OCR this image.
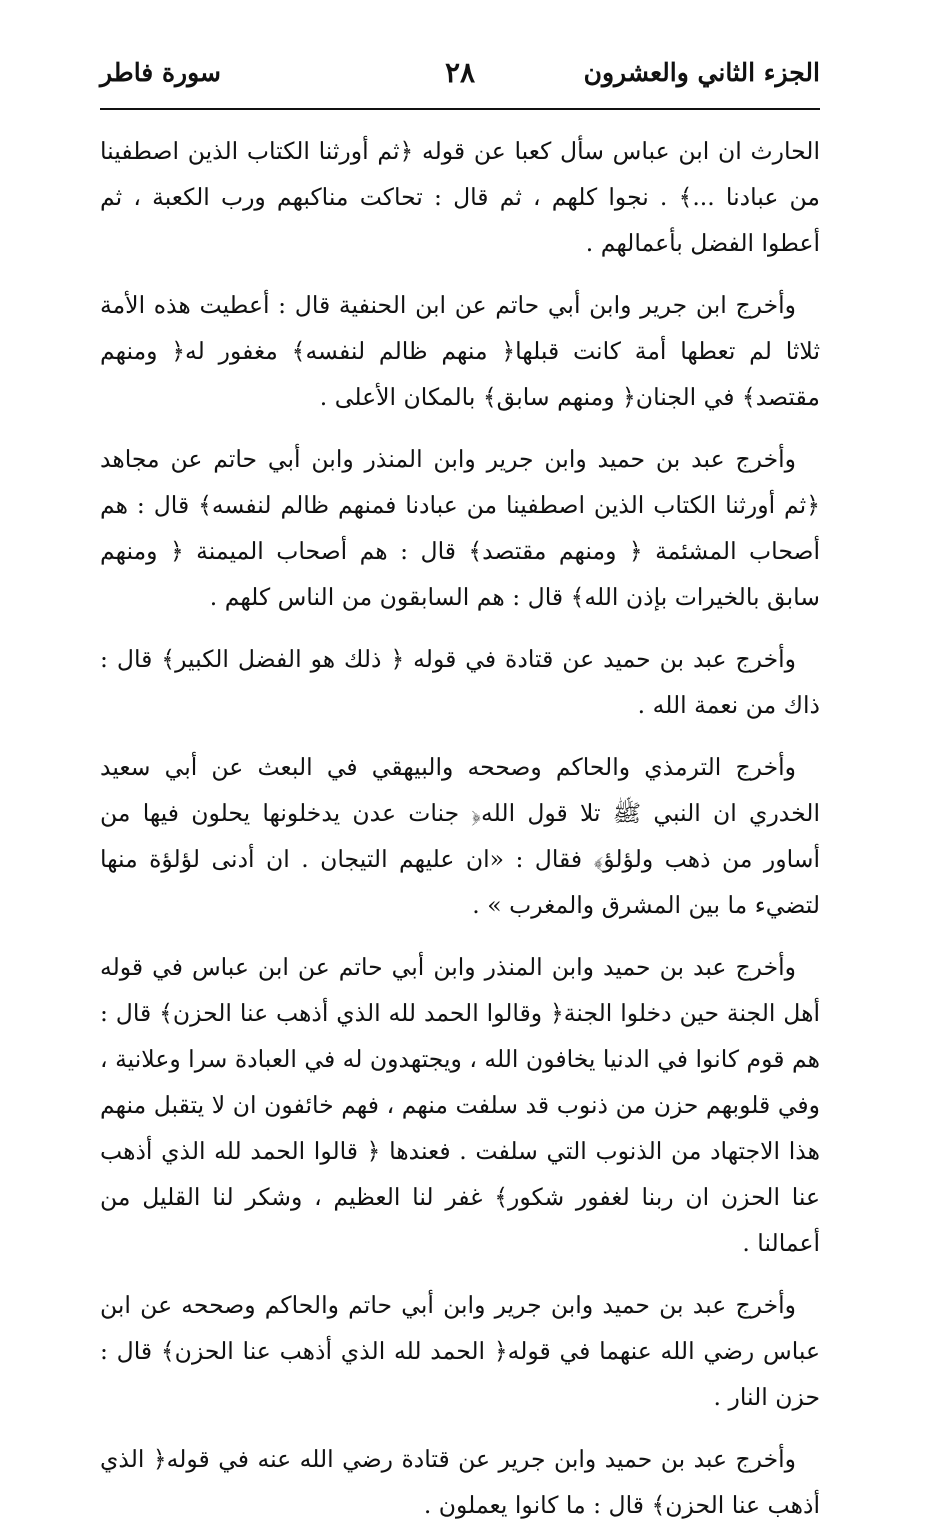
الجزء الثاني والعشرون
٢٨
سورة فاطر

الحارث ان ابن عباس سأل كعبا عن قوله ﴿ثم أورثنا الكتاب الذين اصطفينا من عبادنا ...﴾ . نجوا كلهم ، ثم قال : تحاكت مناكبهم ورب الكعبة ، ثم أعطوا الفضل بأعمالهم .

وأخرج ابن جرير وابن أبي حاتم عن ابن الحنفية قال : أعطيت هذه الأمة ثلاثا لم تعطها أمة كانت قبلها﴿ منهم ظالم لنفسه﴾ مغفور له﴿ ومنهم مقتصد﴾ في الجنان﴿ ومنهم سابق﴾ بالمكان الأعلى .

وأخرج عبد بن حميد وابن جرير وابن المنذر وابن أبي حاتم عن مجاهد ﴿ثم أورثنا الكتاب الذين اصطفينا من عبادنا فمنهم ظالم لنفسه﴾ قال : هم أصحاب المشئمة ﴿ ومنهم مقتصد﴾ قال : هم أصحاب الميمنة ﴿ ومنهم سابق بالخيرات بإذن الله﴾ قال : هم السابقون من الناس كلهم .

وأخرج عبد بن حميد عن قتادة في قوله ﴿ ذلك هو الفضل الكبير﴾ قال : ذاك من نعمة الله .

وأخرج الترمذي والحاكم وصححه والبيهقي في البعث عن أبي سعيد الخدري ان النبي ﷺ تلا قول الله﴿ جنات عدن يدخلونها يحلون فيها من أساور من ذهب ولؤلؤ﴾ فقال : «ان عليهم التيجان . ان أدنى لؤلؤة منها لتضيء ما بين المشرق والمغرب » .

وأخرج عبد بن حميد وابن المنذر وابن أبي حاتم عن ابن عباس في قوله أهل الجنة حين دخلوا الجنة﴿ وقالوا الحمد لله الذي أذهب عنا الحزن﴾ قال : هم قوم كانوا في الدنيا يخافون الله ، ويجتهدون له في العبادة سرا وعلانية ، وفي قلوبهم حزن من ذنوب قد سلفت منهم ، فهم خائفون ان لا يتقبل منهم هذا الاجتهاد من الذنوب التي سلفت . فعندها ﴿ قالوا الحمد لله الذي أذهب عنا الحزن ان ربنا لغفور شكور﴾ غفر لنا العظيم ، وشكر لنا القليل من أعمالنا .

وأخرج عبد بن حميد وابن جرير وابن أبي حاتم والحاكم وصححه عن ابن عباس رضي الله عنهما في قوله﴿ الحمد لله الذي أذهب عنا الحزن﴾ قال : حزن النار .

وأخرج عبد بن حميد وابن جرير عن قتادة رضي الله عنه في قوله﴿ الذي أذهب عنا الحزن﴾ قال : ما كانوا يعملون .
